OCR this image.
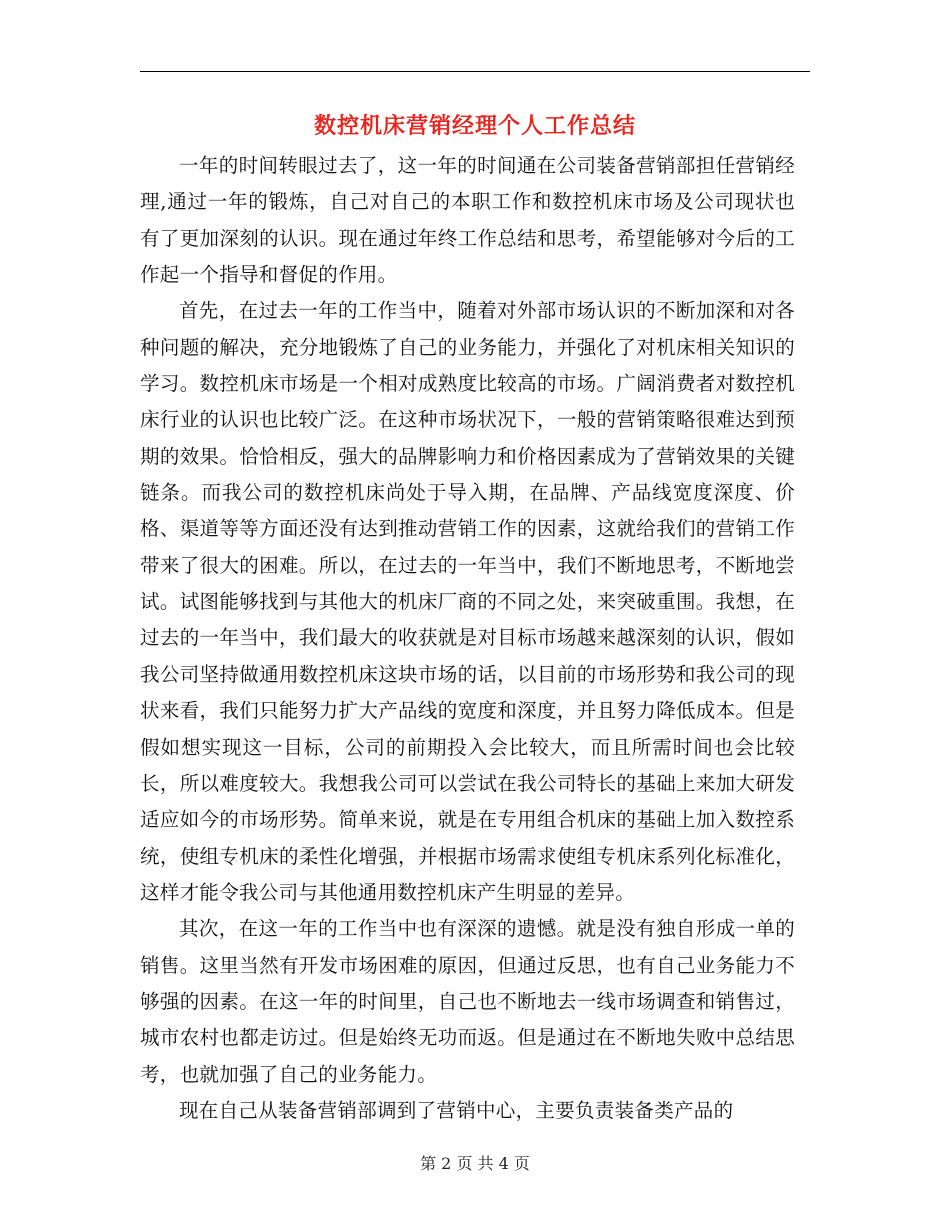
数控机床营销经理个人工作总结

一年的时间转眼过去了，这一年的时间通在公司装备营销部担任营销经理,通过一年的锻炼，自己对自己的本职工作和数控机床市场及公司现状也有了更加深刻的认识。现在通过年终工作总结和思考，希望能够对今后的工作起一个指导和督促的作用。

首先，在过去一年的工作当中，随着对外部市场认识的不断加深和对各种问题的解决，充分地锻炼了自己的业务能力，并强化了对机床相关知识的学习。数控机床市场是一个相对成熟度比较高的市场。广阔消费者对数控机床行业的认识也比较广泛。在这种市场状况下，一般的营销策略很难达到预期的效果。恰恰相反，强大的品牌影响力和价格因素成为了营销效果的关键链条。而我公司的数控机床尚处于导入期，在品牌、产品线宽度深度、价格、渠道等等方面还没有达到推动营销工作的因素，这就给我们的营销工作带来了很大的困难。所以，在过去的一年当中，我们不断地思考，不断地尝试。试图能够找到与其他大的机床厂商的不同之处，来突破重围。我想，在过去的一年当中，我们最大的收获就是对目标市场越来越深刻的认识，假如我公司坚持做通用数控机床这块市场的话，以目前的市场形势和我公司的现状来看，我们只能努力扩大产品线的宽度和深度，并且努力降低成本。但是假如想实现这一目标，公司的前期投入会比较大，而且所需时间也会比较长，所以难度较大。我想我公司可以尝试在我公司特长的基础上来加大研发适应如今的市场形势。简单来说，就是在专用组合机床的基础上加入数控系统，使组专机床的柔性化增强，并根据市场需求使组专机床系列化标准化，这样才能令我公司与其他通用数控机床产生明显的差异。

其次，在这一年的工作当中也有深深的遗憾。就是没有独自形成一单的销售。这里当然有开发市场困难的原因，但通过反思，也有自己业务能力不够强的因素。在这一年的时间里，自己也不断地去一线市场调查和销售过，城市农村也都走访过。但是始终无功而返。但是通过在不断地失败中总结思考，也就加强了自己的业务能力。

现在自己从装备营销部调到了营销中心，主要负责装备类产品的

第 2 页 共 4 页
